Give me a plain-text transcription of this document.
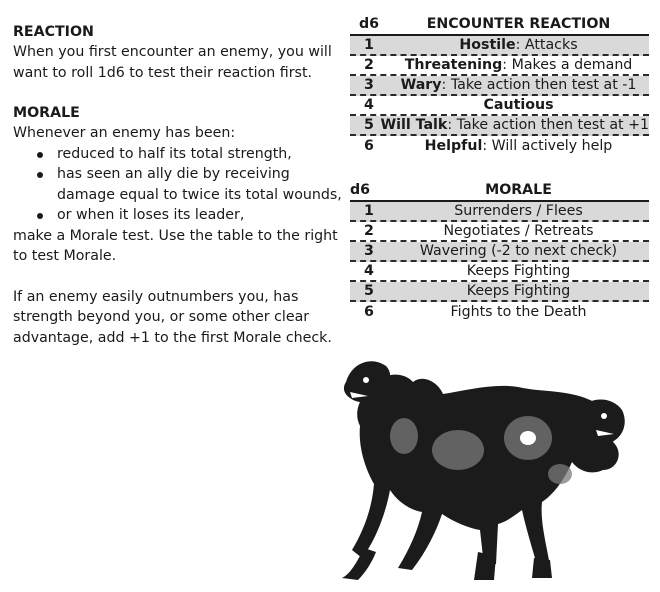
REACTION

When you first encounter an enemy, you will want to roll 1d6 to test their reaction first.

MORALE

Whenever an enemy has been:

reduced to half its total strength,
has seen an ally die by receiving damage equal to twice its total wounds,
or when it loses its leader,

make a Morale test. Use the table to the right to test Morale.

If an enemy easily outnumbers you, has strength beyond you, or some other clear advantage, add +1 to the first Morale check.

d6	ENCOUNTER REACTION
1	Hostile: Attacks
2	Threatening: Makes a demand
3	Wary: Take action then test at -1
4	Cautious
5 Will Talk: Take action then test at +1
6	Helpful: Will actively help
d6	MORALE
1	Surrenders / Flees
2	Negotiates / Retreats
3	Wavering (-2 to next check)
4	Keeps Fighting
5	Keeps Fighting
6	Fights to the Death
